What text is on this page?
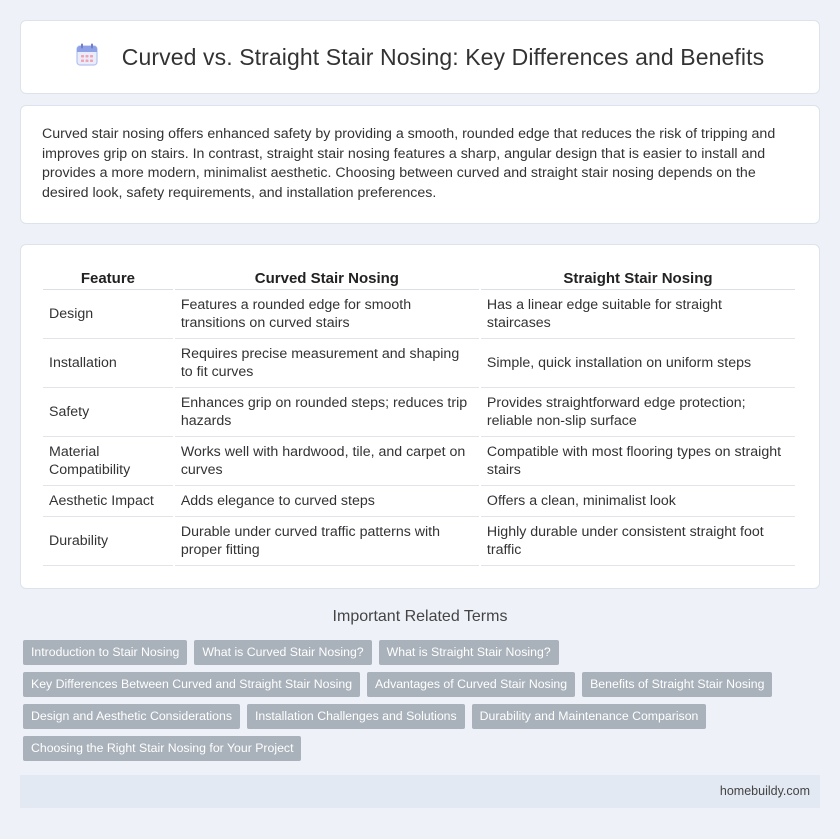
Curved vs. Straight Stair Nosing: Key Differences and Benefits

Curved stair nosing offers enhanced safety by providing a smooth, rounded edge that reduces the risk of tripping and improves grip on stairs. In contrast, straight stair nosing features a sharp, angular design that is easier to install and provides a more modern, minimalist aesthetic. Choosing between curved and straight stair nosing depends on the desired look, safety requirements, and installation preferences.

Feature	Curved Stair Nosing	Straight Stair Nosing
Design	Features a rounded edge for smooth transitions on curved stairs	Has a linear edge suitable for straight staircases
Installation	Requires precise measurement and shaping to fit curves	Simple, quick installation on uniform steps
Safety	Enhances grip on rounded steps; reduces trip hazards	Provides straightforward edge protection; reliable non-slip surface
Material Compatibility	Works well with hardwood, tile, and carpet on curves	Compatible with most flooring types on straight stairs
Aesthetic Impact	Adds elegance to curved steps	Offers a clean, minimalist look
Durability	Durable under curved traffic patterns with proper fitting	Highly durable under consistent straight foot traffic
Important Related Terms
Introduction to Stair Nosing	What is Curved Stair Nosing?	What is Straight Stair Nosing?
Key Differences Between Curved and Straight Stair Nosing	Advantages of Curved Stair Nosing	Benefits of Straight Stair Nosing
Design and Aesthetic Considerations	Installation Challenges and Solutions	Durability and Maintenance Comparison
Choosing the Right Stair Nosing for Your Project
homebuildy.com
